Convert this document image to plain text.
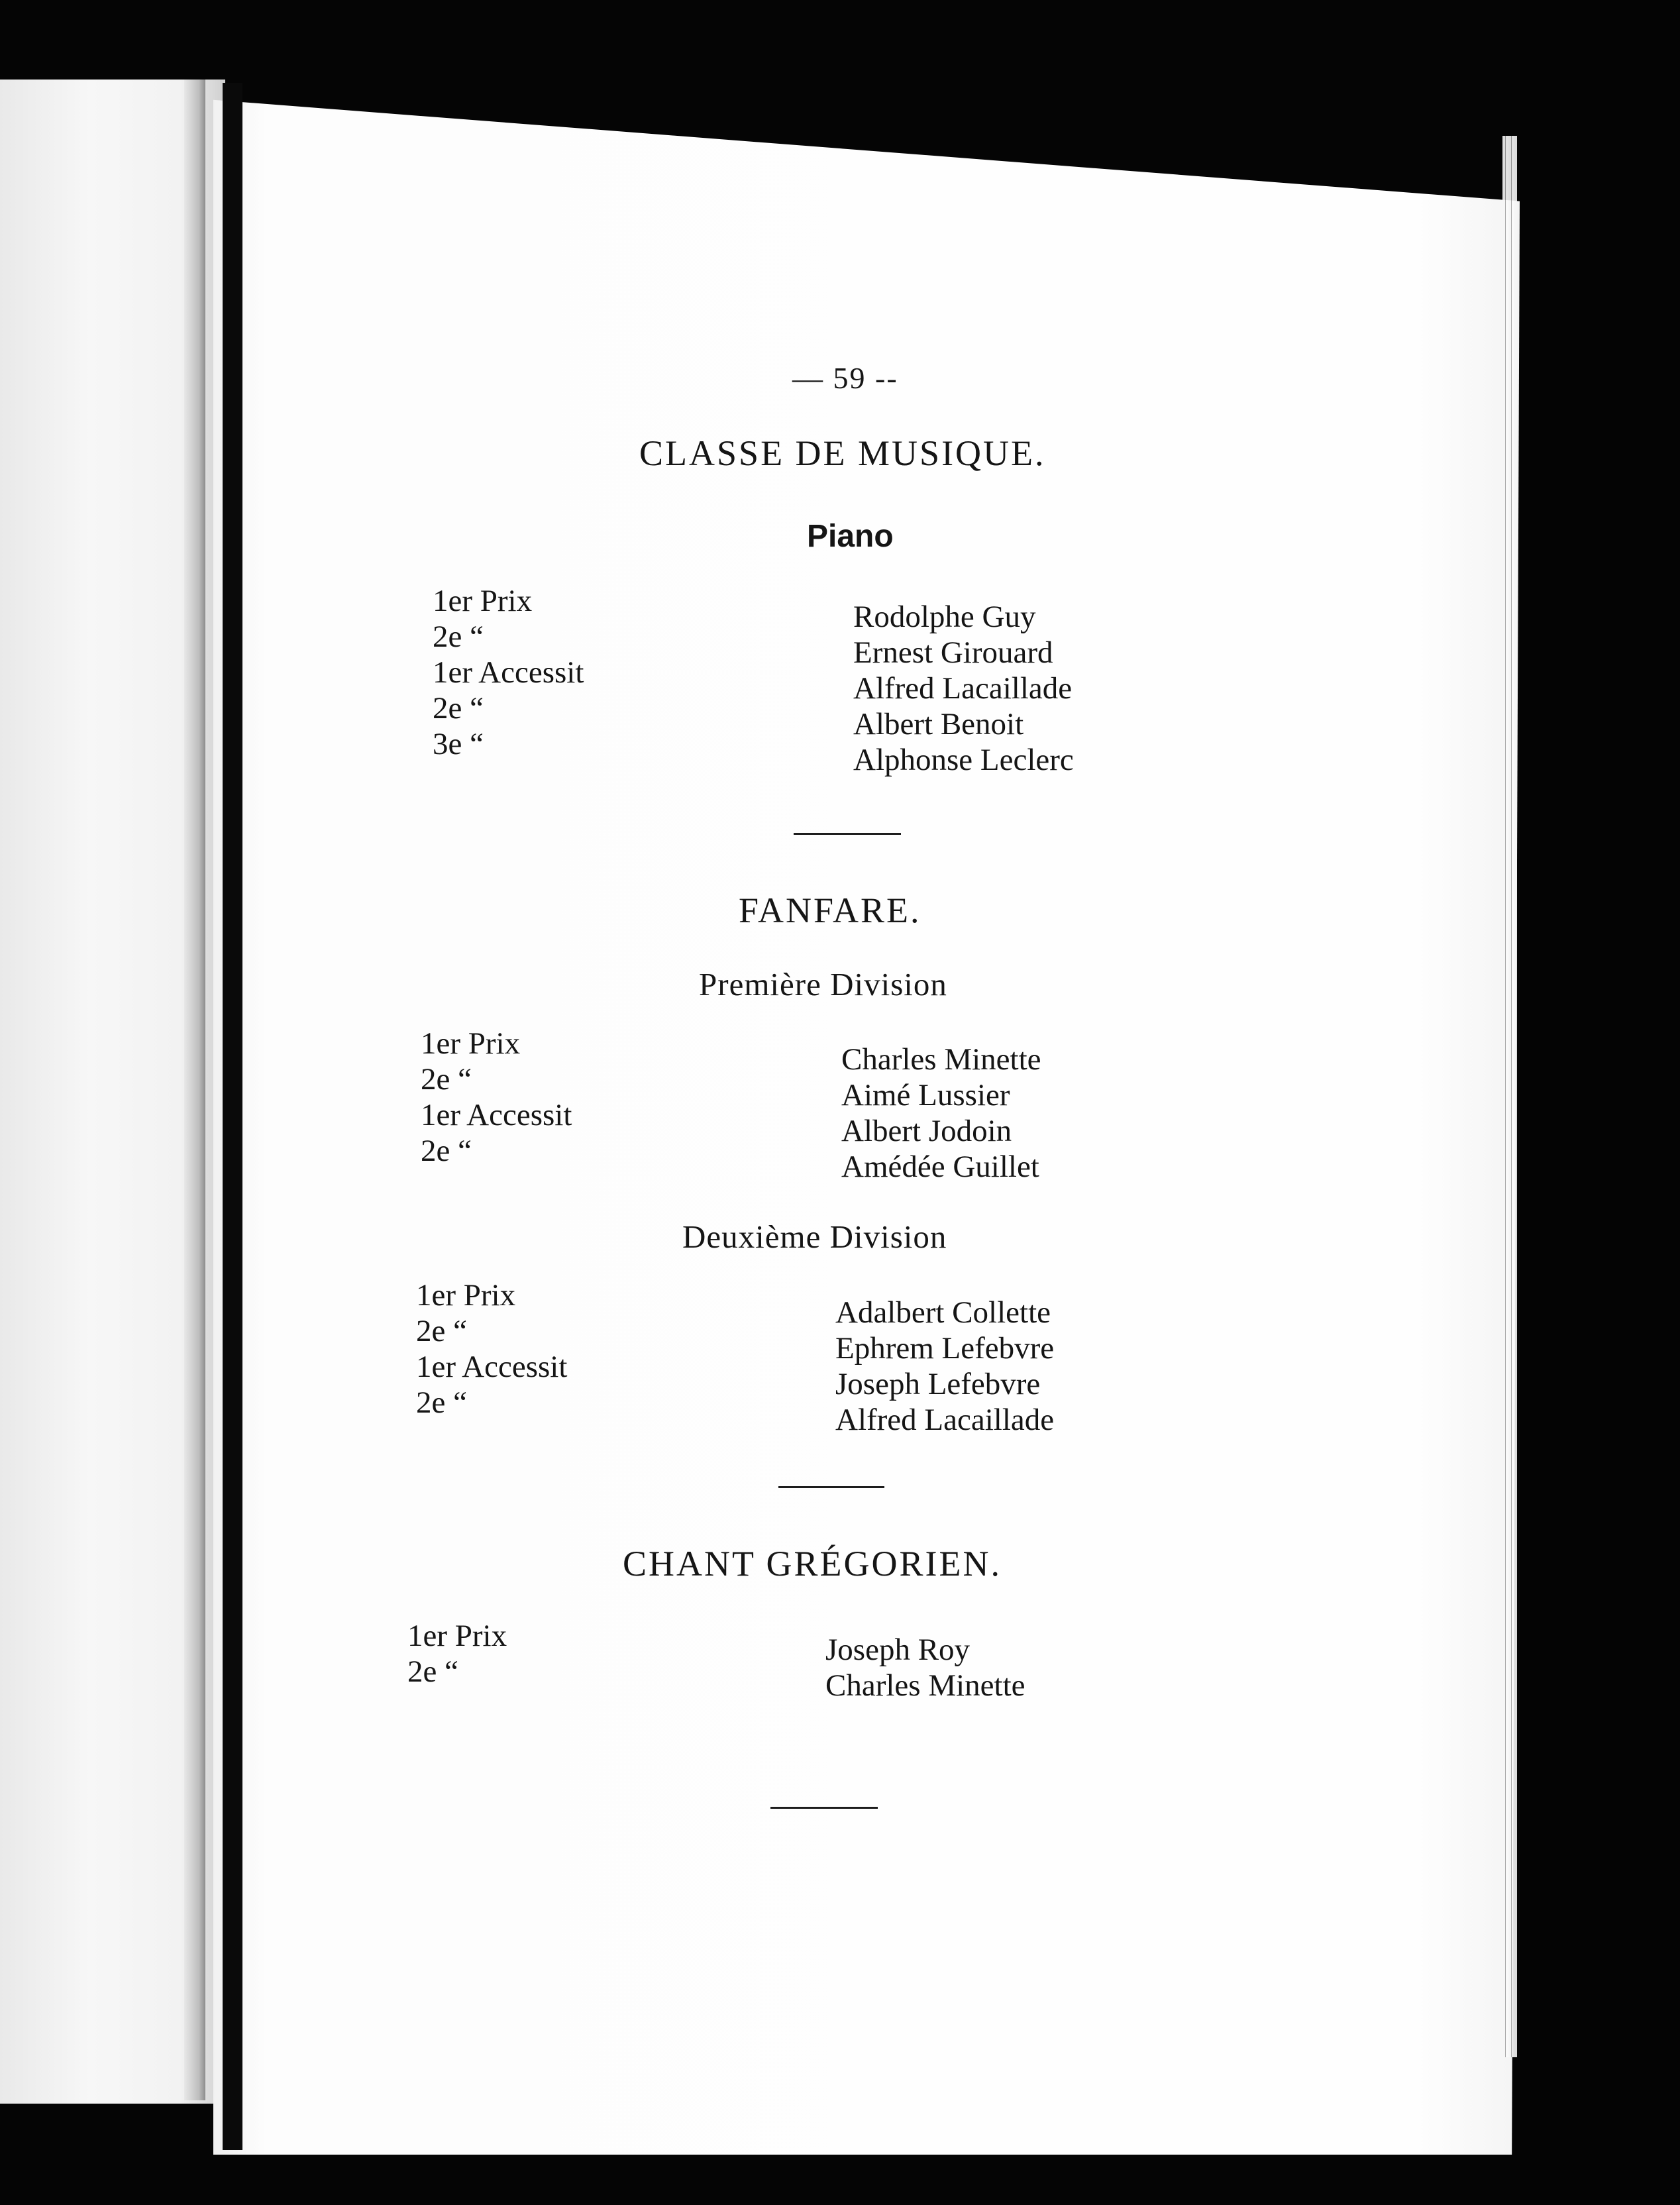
— 59 --
CLASSE DE MUSIQUE.
Piano
1er Prix
2e “
1er Accessit
2e “
3e “
Rodolphe Guy
Ernest Girouard
Alfred Lacaillade
Albert Benoit
Alphonse Leclerc
FANFARE.
Première Division
1er Prix
2e “
1er Accessit
2e “
Charles Minette
Aimé Lussier
Albert Jodoin
Amédée Guillet
Deuxième Division
1er Prix
2e “
1er Accessit
2e “
Adalbert Collette
Ephrem Lefebvre
Joseph Lefebvre
Alfred Lacaillade
CHANT GRÉGORIEN.
1er Prix
2e “
Joseph Roy
Charles Minette
